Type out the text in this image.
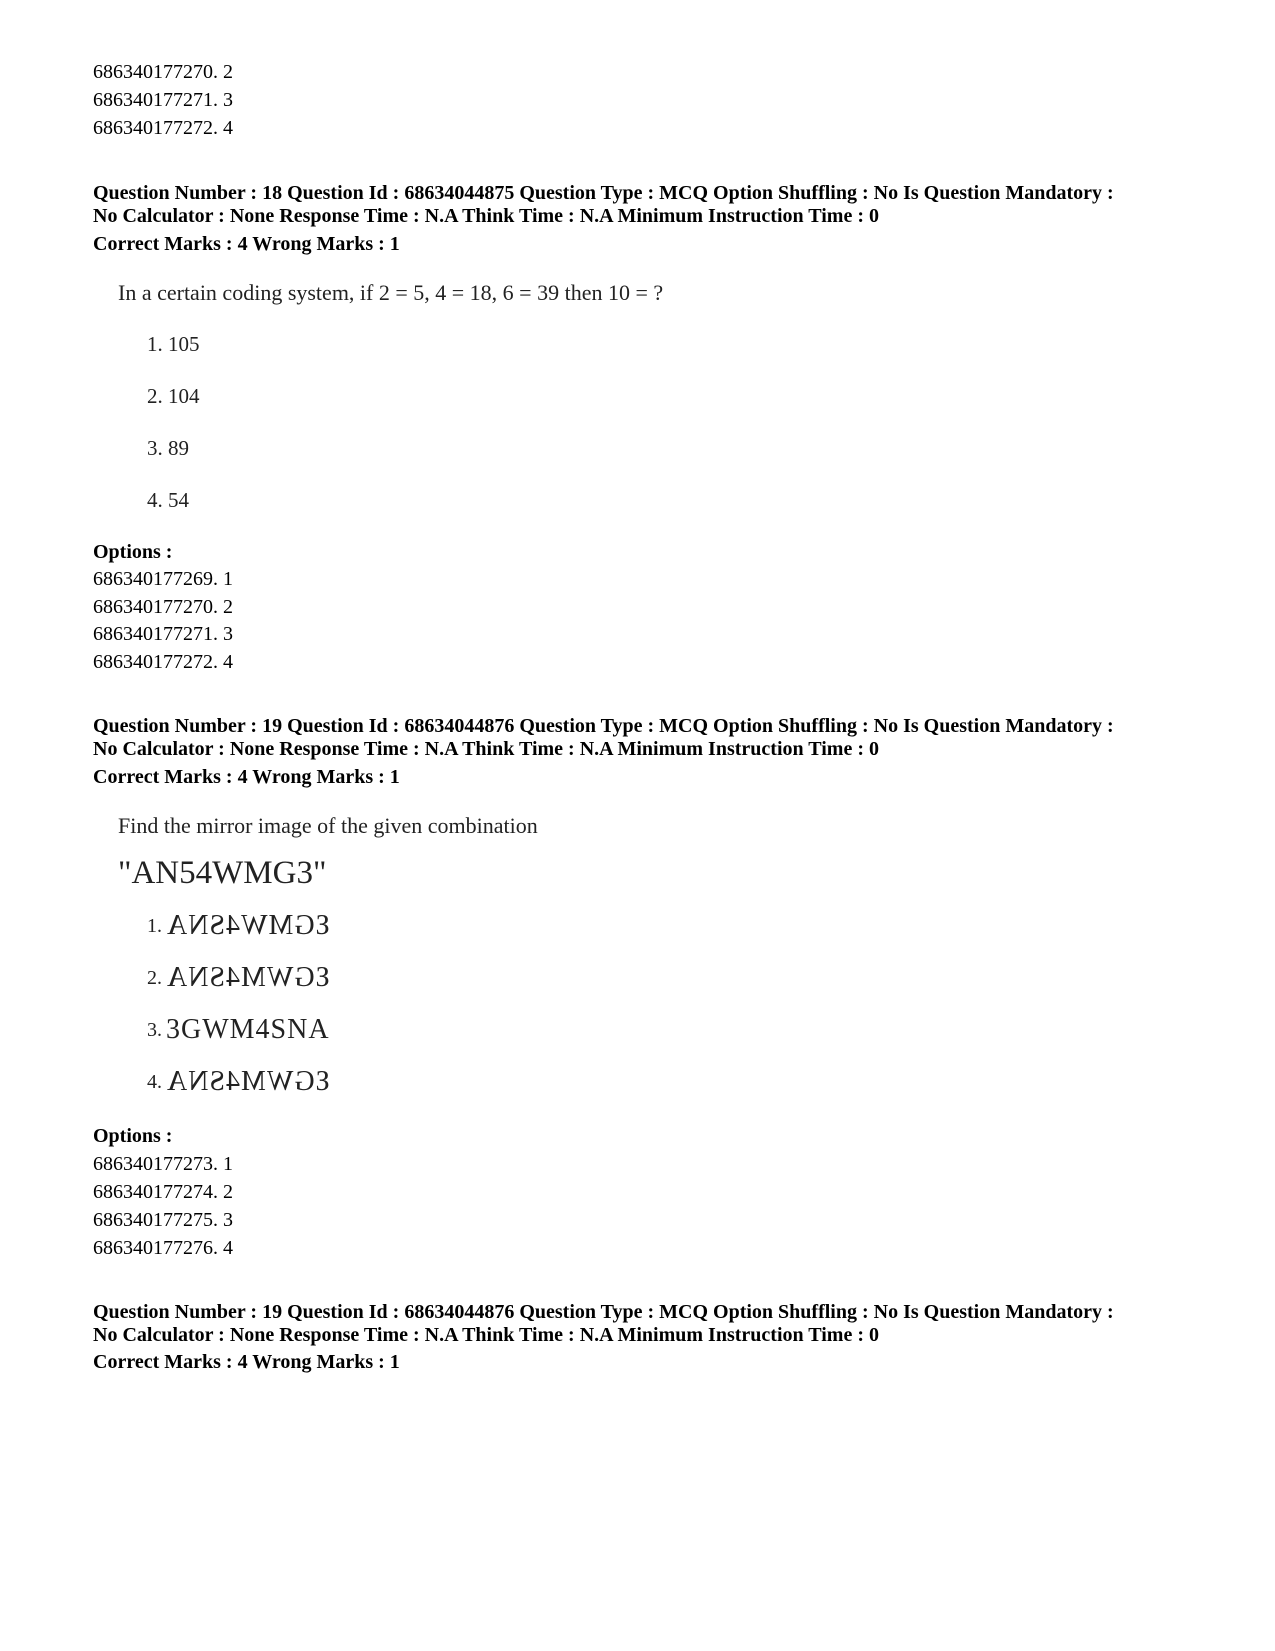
686340177270. 2
686340177271. 3
686340177272. 4
Question Number : 18 Question Id : 68634044875 Question Type : MCQ Option Shuffling : No Is Question Mandatory :
No Calculator : None Response Time : N.A Think Time : N.A Minimum Instruction Time : 0
Correct Marks : 4 Wrong Marks : 1
In a certain coding system, if 2 = 5, 4 = 18, 6 = 39 then 10 = ?
1. 105
2. 104
3. 89
4. 54
Options :
686340177269. 1
686340177270. 2
686340177271. 3
686340177272. 4
Question Number : 19 Question Id : 68634044876 Question Type : MCQ Option Shuffling : No Is Question Mandatory :
No Calculator : None Response Time : N.A Think Time : N.A Minimum Instruction Time : 0
Correct Marks : 4 Wrong Marks : 1
Find the mirror image of the given combination
"AN54WMG3"
1. ƐGMW4SNA
2. ƐGWM4SNA
3. 3GWM4SNA
4. ƐGWM4SNA
Options :
686340177273. 1
686340177274. 2
686340177275. 3
686340177276. 4
Question Number : 19 Question Id : 68634044876 Question Type : MCQ Option Shuffling : No Is Question Mandatory :
No Calculator : None Response Time : N.A Think Time : N.A Minimum Instruction Time : 0
Correct Marks : 4 Wrong Marks : 1
